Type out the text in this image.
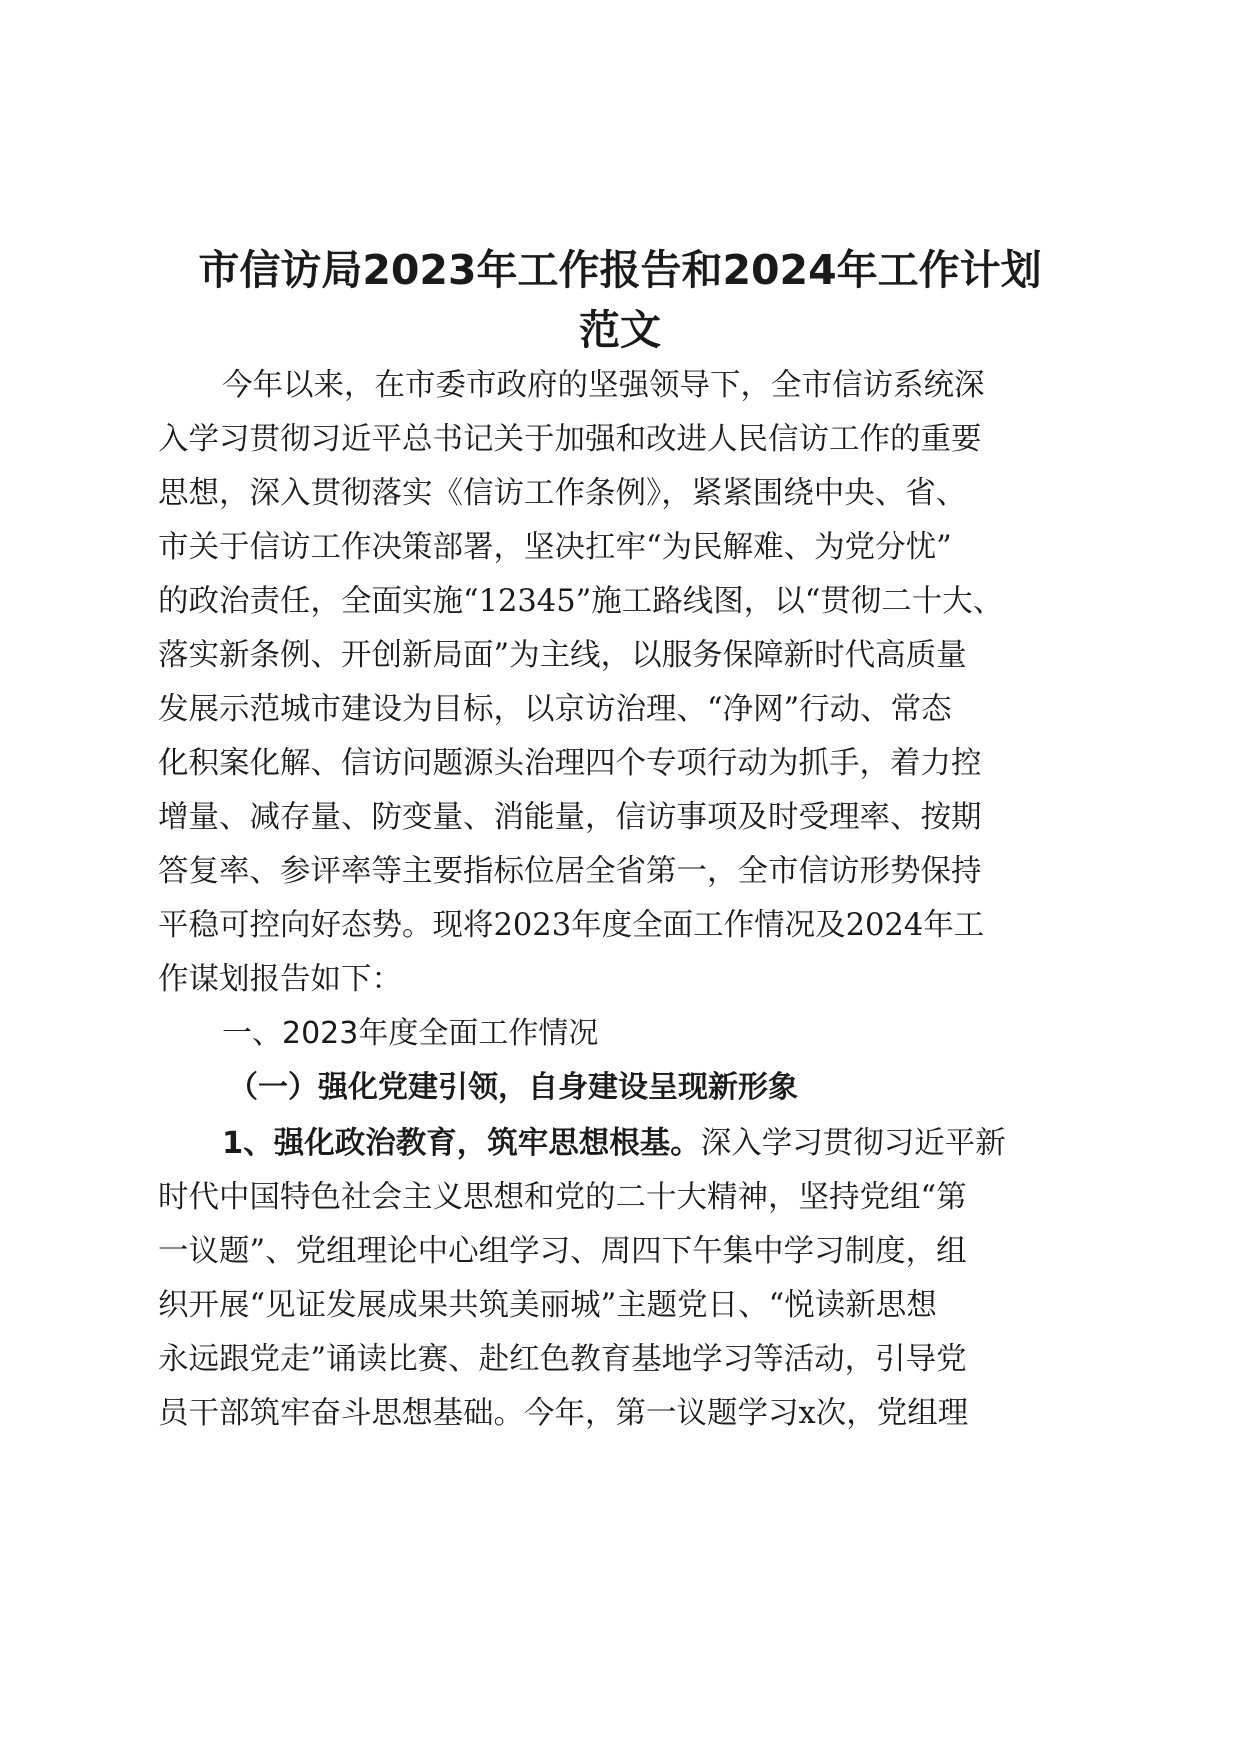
市信访局2023年工作报告和2024年工作计划
范文

今年以来，在市委市政府的坚强领导下，全市信访系统深

入学习贯彻习近平总书记关于加强和改进人民信访工作的重要

思想，深入贯彻落实《信访工作条例》，紧紧围绕中央、省、

市关于信访工作决策部署，坚决扛牢“为民解难、为党分忧”

的政治责任，全面实施“12345”施工路线图，以“贯彻二十大、

落实新条例、开创新局面”为主线，以服务保障新时代高质量

发展示范城市建设为目标，以京访治理、“净网”行动、常态

化积案化解、信访问题源头治理四个专项行动为抓手，着力控

增量、减存量、防变量、消能量，信访事项及时受理率、按期

答复率、参评率等主要指标位居全省第一，全市信访形势保持

平稳可控向好态势。现将2023年度全面工作情况及2024年工

作谋划报告如下：

一、2023年度全面工作情况

（一）强化党建引领，自身建设呈现新形象

1、强化政治教育，筑牢思想根基。深入学习贯彻习近平新

时代中国特色社会主义思想和党的二十大精神，坚持党组“第

一议题”、党组理论中心组学习、周四下午集中学习制度，组

织开展“见证发展成果共筑美丽城”主题党日、“悦读新思想

永远跟党走”诵读比赛、赴红色教育基地学习等活动，引导党

员干部筑牢奋斗思想基础。今年，第一议题学习x次，党组理
